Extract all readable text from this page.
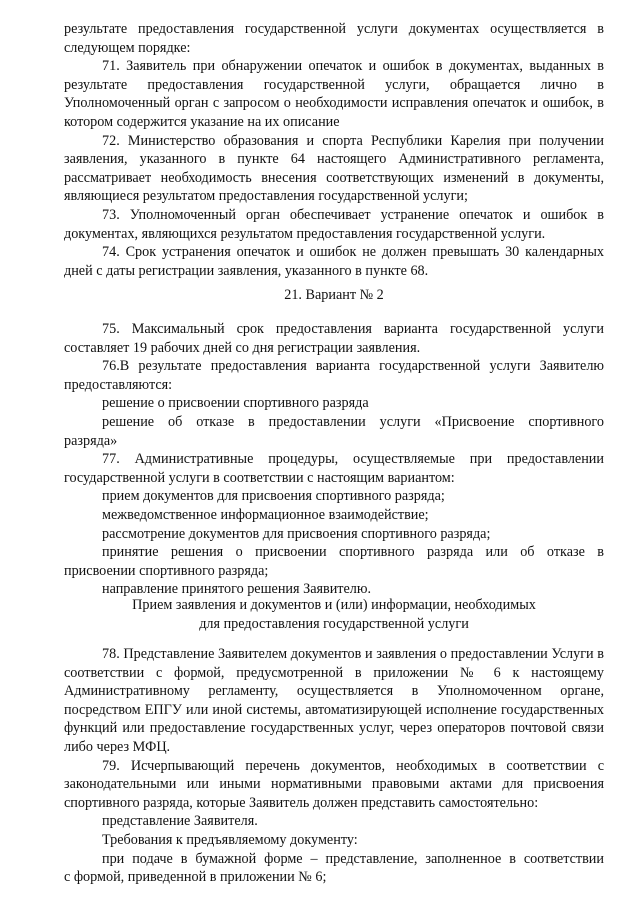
результате предоставления государственной услуги документах осуществляется в

следующем порядке:

71. Заявитель при обнаружении опечаток и ошибок в документах, выданных в результате предоставления государственной услуги, обращается лично в Уполномоченный орган с запросом о необходимости исправления опечаток и ошибок, в котором содержится указание на их описание

72. Министерство образования и спорта Республики Карелия при получении заявления, указанного в пункте 64 настоящего Административного регламента, рассматривает необходимость внесения соответствующих изменений в документы, являющиеся результатом предоставления государственной услуги;

73. Уполномоченный орган обеспечивает устранение опечаток и ошибок в документах, являющихся результатом предоставления государственной услуги.

74. Срок устранения опечаток и ошибок не должен превышать 30 календарных дней с даты регистрации заявления, указанного в пункте 68.

21. Вариант № 2

75. Максимальный срок предоставления варианта государственной услуги составляет 19 рабочих дней со дня регистрации заявления.

76.В результате предоставления варианта государственной услуги Заявителю предоставляются:

решение о присвоении спортивного разряда

решение об отказе в предоставлении услуги «Присвоение спортивного

разряда»

77. Административные процедуры, осуществляемые при предоставлении государственной услуги в соответствии с настоящим вариантом:

прием документов для присвоения спортивного разряда;

межведомственное информационное взаимодействие;

рассмотрение документов для присвоения спортивного разряда;

принятие решения о присвоении спортивного разряда или об отказе в

присвоении спортивного разряда;

направление принятого решения Заявителю.

Прием заявления и документов и (или) информации, необходимых

для предоставления государственной услуги

78. Представление Заявителем документов и заявления о предоставлении Услуги в соответствии с формой, предусмотренной в приложении № 6 к настоящему Административному регламенту, осуществляется в Уполномоченном органе, посредством ЕПГУ или иной системы, автоматизирующей исполнение государственных функций или предоставление государственных услуг, через операторов почтовой связи либо через МФЦ.

79. Исчерпывающий перечень документов, необходимых в соответствии с законодательными или иными нормативными правовыми актами для присвоения спортивного разряда, которые Заявитель должен представить самостоятельно:

представление Заявителя.

Требования к предъявляемому документу:

при подаче в бумажной форме – представление, заполненное в соответствии

с формой, приведенной в приложении № 6;
